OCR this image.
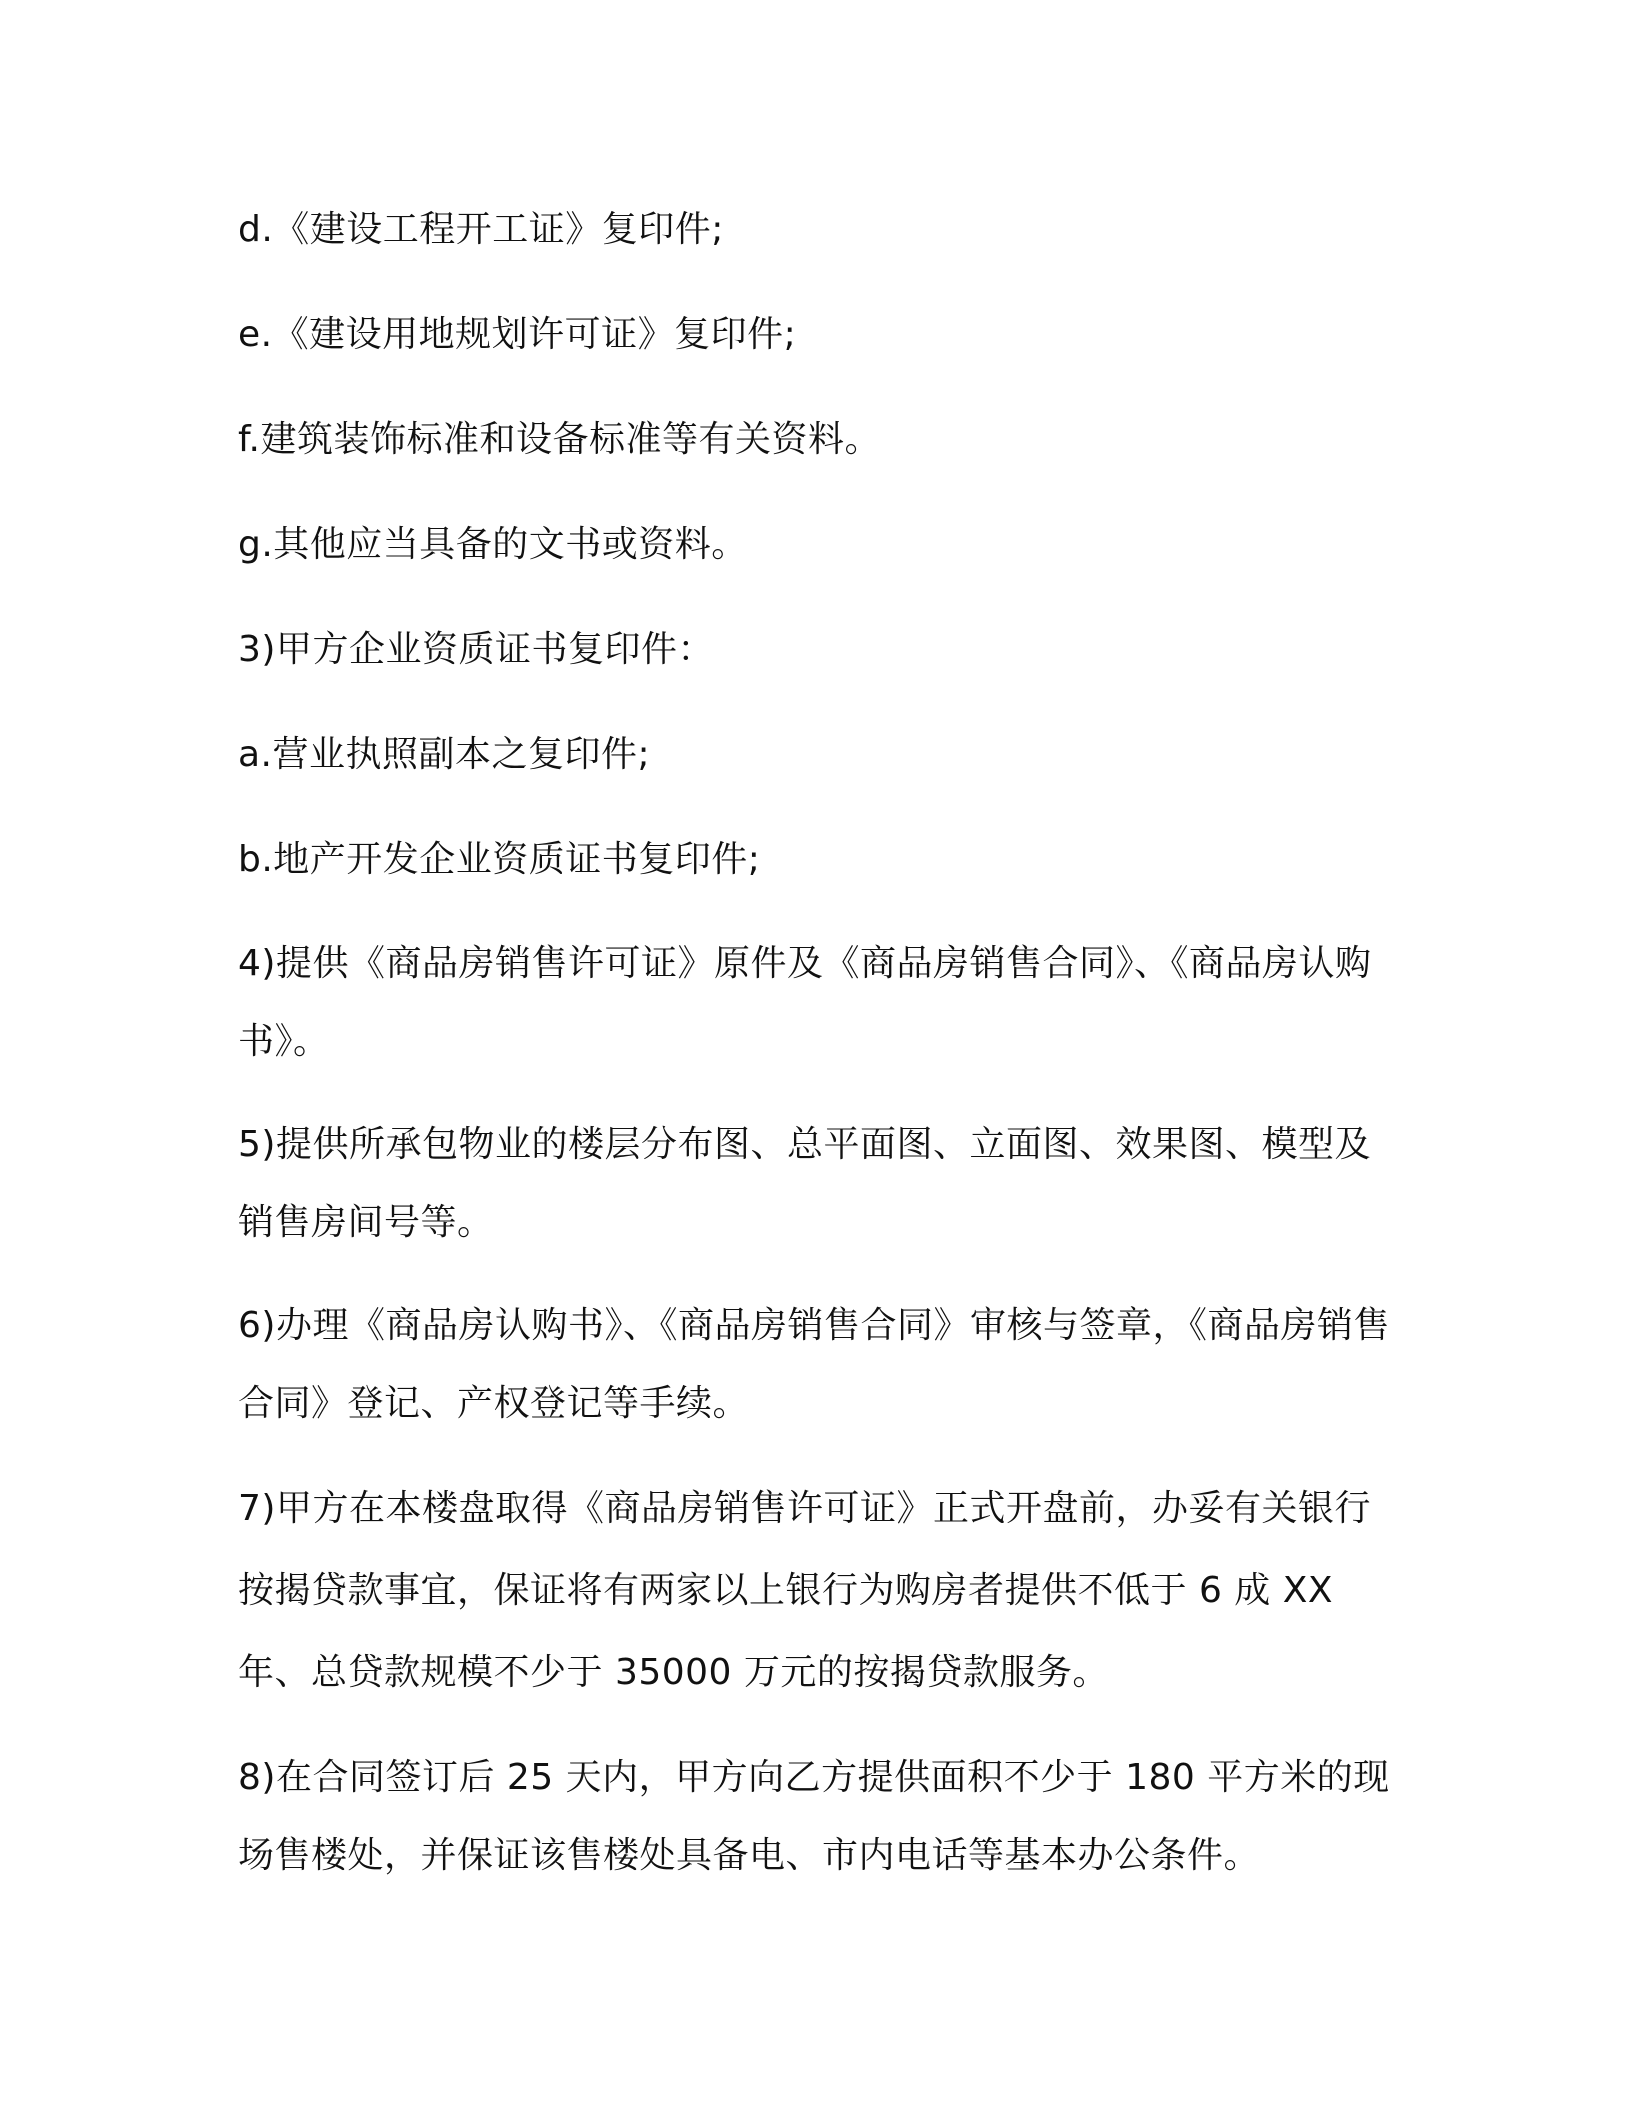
d.《建设工程开工证》复印件;

e.《建设用地规划许可证》复印件;

f.建筑装饰标准和设备标准等有关资料。

g.其他应当具备的文书或资料。

3)甲方企业资质证书复印件：

a.营业执照副本之复印件;

b.地产开发企业资质证书复印件;

4)提供《商品房销售许可证》原件及《商品房销售合同》、《商品房认购书》。

5)提供所承包物业的楼层分布图、总平面图、立面图、效果图、模型及销售房间号等。

6)办理《商品房认购书》、《商品房销售合同》审核与签章，《商品房销售合同》登记、产权登记等手续。

7)甲方在本楼盘取得《商品房销售许可证》正式开盘前，办妥有关银行按揭贷款事宜，保证将有两家以上银行为购房者提供不低于 6 成 XX 年、总贷款规模不少于 35000 万元的按揭贷款服务。

8)在合同签订后 25 天内，甲方向乙方提供面积不少于 180 平方米的现场售楼处，并保证该售楼处具备电、市内电话等基本办公条件。
